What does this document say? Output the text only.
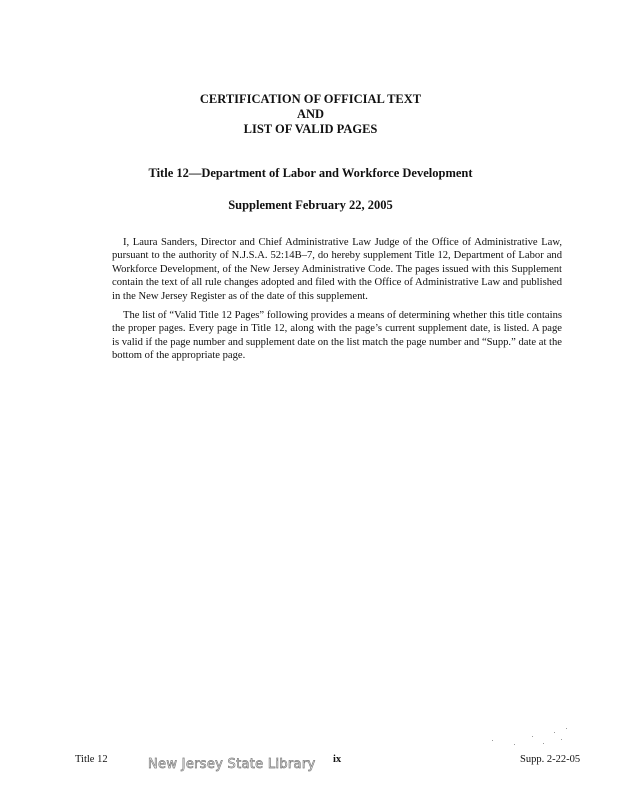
CERTIFICATION OF OFFICIAL TEXT
AND
LIST OF VALID PAGES
Title 12—Department of Labor and Workforce Development
Supplement February 22, 2005

I, Laura Sanders, Director and Chief Administrative Law Judge of the Office of Administrative Law, pursuant to the authority of N.J.S.A. 52:14B–7, do hereby supplement Title 12, Department of Labor and Workforce Development, of the New Jersey Administrative Code. The pages issued with this Supplement contain the text of all rule changes adopted and filed with the Office of Administrative Law and published in the New Jersey Register as of the date of this supplement.

The list of “Valid Title 12 Pages” following provides a means of determining whether this title contains the proper pages. Every page in Title 12, along with the page’s current supplement date, is listed. A page is valid if the page number and supplement date on the list match the page number and “Supp.” date at the bottom of the appropriate page.

Title 12	New Jersey State Library ix	Supp. 2-22-05
